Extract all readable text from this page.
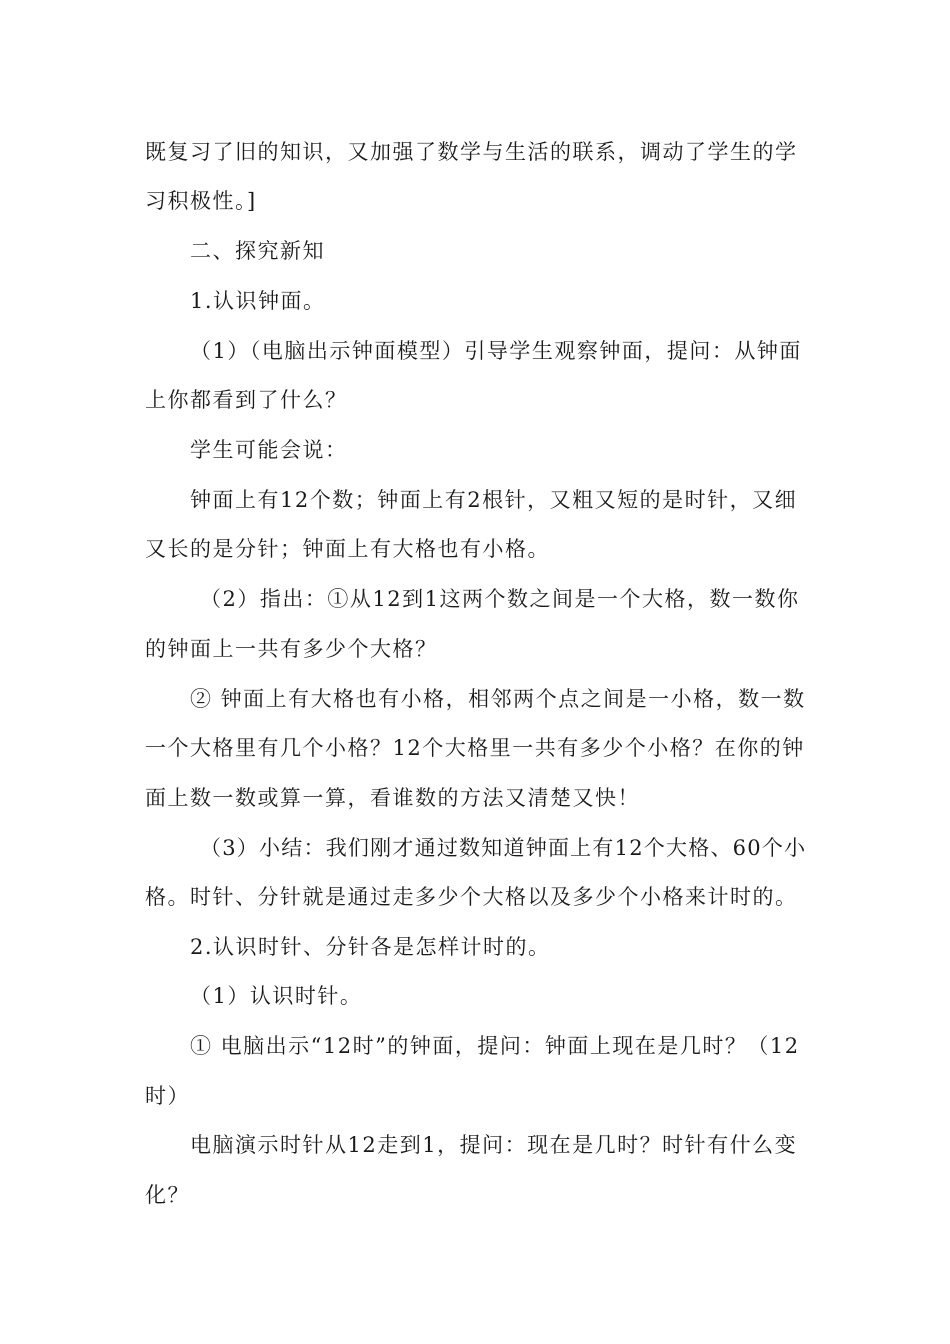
既复习了旧的知识，又加强了数学与生活的联系，调动了学生的学
习积极性。]
二、探究新知
1.认识钟面。
（1）（电脑出示钟面模型）引导学生观察钟面，提问：从钟面
上你都看到了什么？
学生可能会说：
钟面上有12个数；钟面上有2根针，又粗又短的是时针，又细
又长的是分针；钟面上有大格也有小格。
（2）指出：①从12到1这两个数之间是一个大格，数一数你
的钟面上一共有多少个大格？
② 钟面上有大格也有小格，相邻两个点之间是一小格，数一数
一个大格里有几个小格？12个大格里一共有多少个小格？在你的钟
面上数一数或算一算，看谁数的方法又清楚又快！
（3）小结：我们刚才通过数知道钟面上有12个大格、60个小
格。时针、分针就是通过走多少个大格以及多少个小格来计时的。
2.认识时针、分针各是怎样计时的。
（1）认识时针。
① 电脑出示“12时”的钟面，提问：钟面上现在是几时？（12
时）
电脑演示时针从12走到1，提问：现在是几时？时针有什么变
化？
